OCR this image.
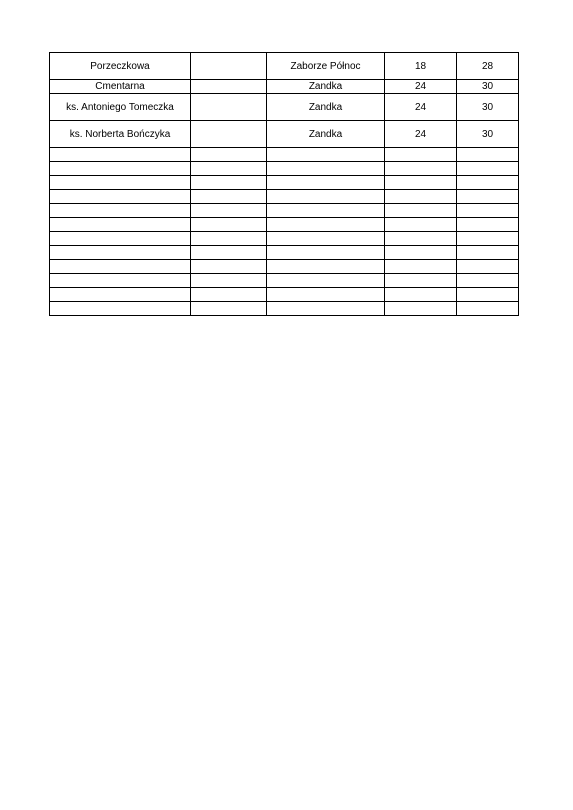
Porzeczkowa		Zaborze Północ	18	28
Cmentarna		Zandka	24	30
ks. Antoniego Tomeczka		Zandka	24	30
ks. Norberta Bończyka		Zandka	24	30
